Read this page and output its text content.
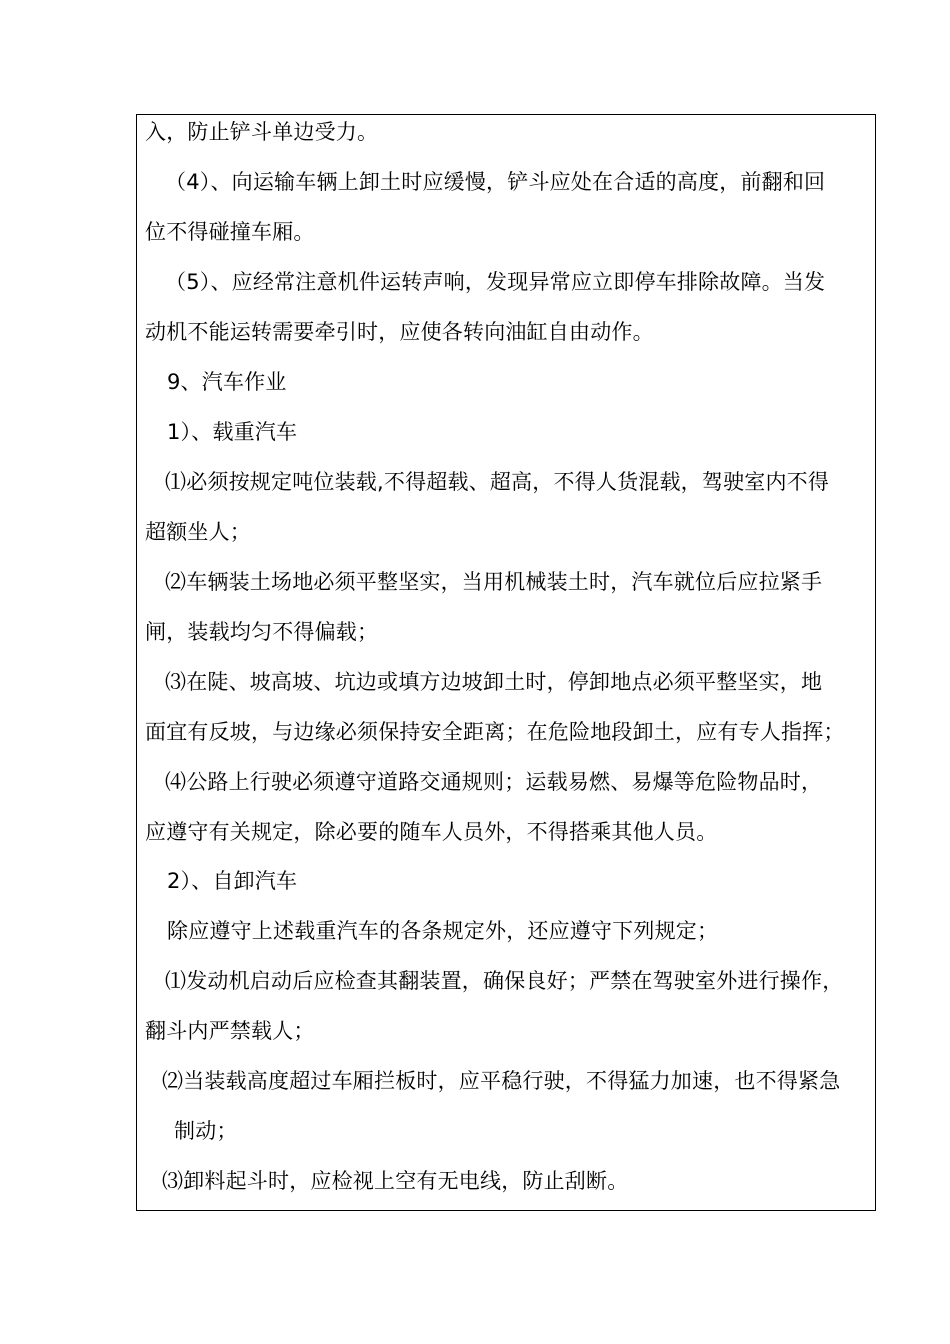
入，防止铲斗单边受力。
（4）、向运输车辆上卸土时应缓慢，铲斗应处在合适的高度，前翻和回
位不得碰撞车厢。
（5）、应经常注意机件运转声响，发现异常应立即停车排除故障。当发
动机不能运转需要牵引时，应使各转向油缸自由动作。
9、汽车作业
1）、载重汽车
⑴必须按规定吨位装载,不得超载、超高，不得人货混载，驾驶室内不得
超额坐人；
⑵车辆装土场地必须平整坚实，当用机械装土时，汽车就位后应拉紧手
闸，装载均匀不得偏载；
⑶在陡、坡高坡、坑边或填方边坡卸土时，停卸地点必须平整坚实，地
面宜有反坡，与边缘必须保持安全距离；在危险地段卸土，应有专人指挥；
⑷公路上行驶必须遵守道路交通规则；运载易燃、易爆等危险物品时，
应遵守有关规定，除必要的随车人员外，不得搭乘其他人员。
2）、自卸汽车
除应遵守上述载重汽车的各条规定外，还应遵守下列规定；
⑴发动机启动后应检查其翻装置，确保良好；严禁在驾驶室外进行操作，
翻斗内严禁载人；
⑵当装载高度超过车厢拦板时，应平稳行驶，不得猛力加速，也不得紧急
制动；
⑶卸料起斗时，应检视上空有无电线，防止刮断。
